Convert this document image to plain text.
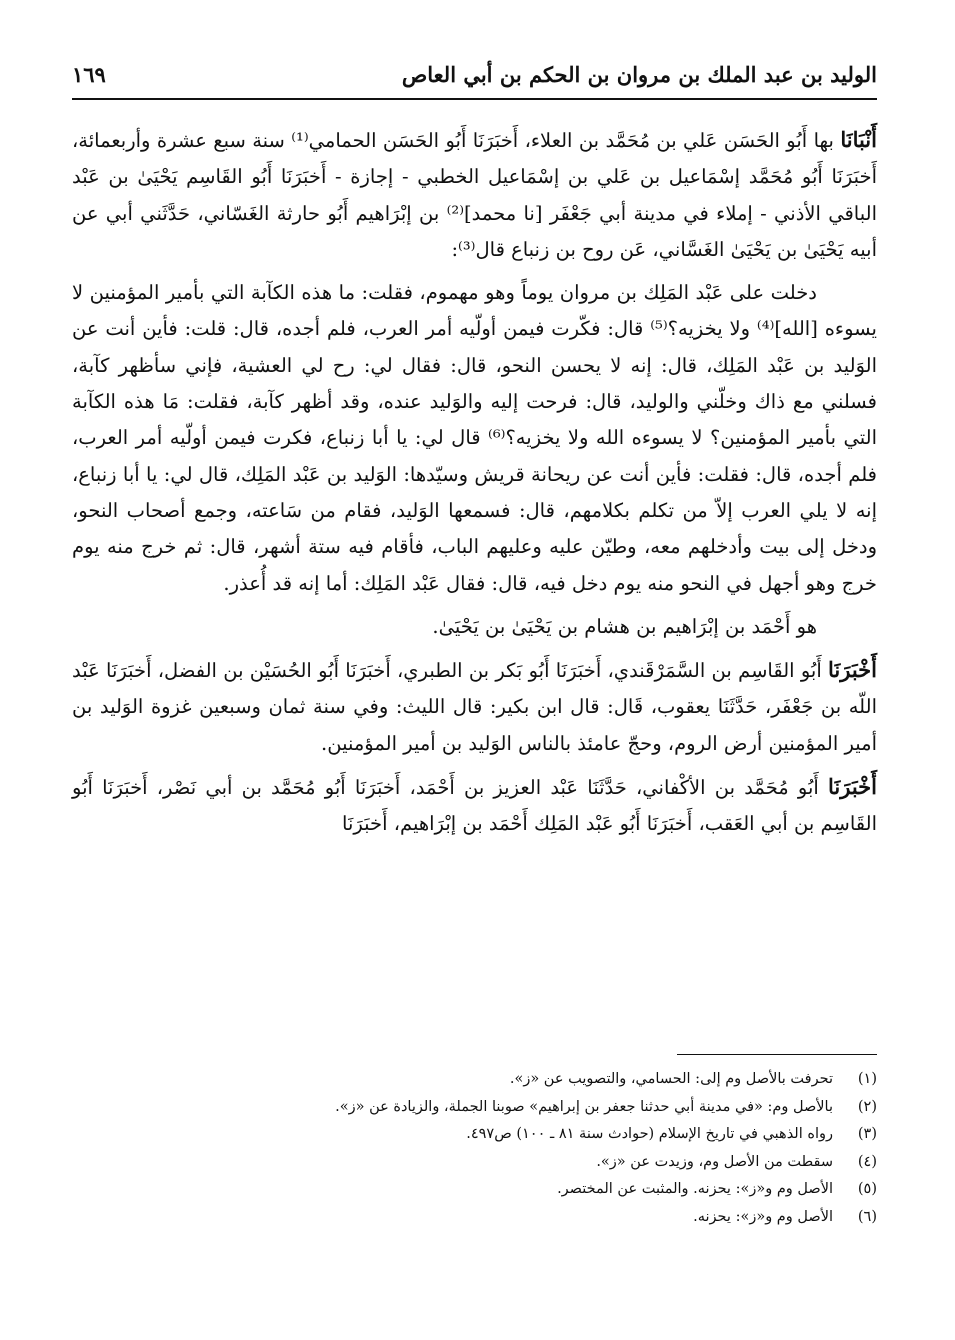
الوليد بن عبد الملك بن مروان بن الحكم بن أبي العاص
١٦٩

أَنْبَانَا بها أَبُو الحَسَن عَلي بن مُحَمَّد بن العلاء، أَخبَرَنَا أَبُو الحَسَن الحمامي⁽¹⁾ سنة سبع عشرة وأربعمائة، أَخبَرَنَا أَبُو مُحَمَّد إسْمَاعيل بن عَلي بن إسْمَاعيل الخطبي - إجازة - أَخبَرَنَا أَبُو القَاسِم يَحْيَىٰ بن عَبْد الباقي الأذني - إملاء في مدينة أبي جَعْفَر [نا محمد]⁽²⁾ بن إبْرَاهيم أَبُو حارثة الغَسّاني، حَدَّثَني أبي عن أبيه يَحْيَىٰ بن يَحْيَىٰ الغَسَّاني، عَن روح بن زنباع قال⁽³⁾:

دخلت على عَبْد المَلِك بن مروان يوماً وهو مهموم، فقلت: ما هذه الكآبة التي بأمير المؤمنين لا يسوءه [الله]⁽⁴⁾ ولا يخزيه؟⁽⁵⁾ قال: فكّرت فيمن أولّيه أمر العرب، فلم أجده، قال: قلت: فأين أنت عن الوَليد بن عَبْد المَلِك، قال: إنه لا يحسن النحو، قال: فقال لي: رح لي العشية، فإني سأظهر كآبة، فسلني مع ذاك وخلّني والوليد، قال: فرحت إليه والوَليد عنده، وقد أظهر كآبة، فقلت: مَا هذه الكآبة التي بأمير المؤمنين؟ لا يسوءه الله ولا يخزيه؟⁽⁶⁾ قال لي: يا أبا زنباع، فكرت فيمن أولّيه أمر العرب، فلم أجده، قال: فقلت: فأين أنت عن ريحانة قريش وسيّدها: الوَليد بن عَبْد المَلِك، قال لي: يا أبا زنباع، إنه لا يلي العرب إلاّ من تكلم بكلامهم، قال: فسمعها الوَليد، فقام من سَاعته، وجمع أصحاب النحو، ودخل إلى بيت وأدخلهم معه، وطيّن عليه وعليهم الباب، فأقام فيه ستة أشهر، قال: ثم خرج منه يوم خرج وهو أجهل في النحو منه يوم دخل فيه، قال: فقال عَبْد المَلِك: أما إنه قد أُعذر.

هو أَحْمَد بن إبْرَاهيم بن هشام بن يَحْيَىٰ بن يَحْيَىٰ.

أَخْبَرَنَا أَبُو القَاسِم بن السَّمَرْقَندي، أَخبَرَنَا أَبُو بَكر بن الطبري، أَخبَرَنَا أَبُو الحُسَيْن بن الفضل، أَخبَرَنَا عَبْد اللّه بن جَعْفَر، حَدَّثَنَا يعقوب، قَال: قال ابن بكير: قال الليث: وفي سنة ثمان وسبعين غزوة الوَليد بن أمير المؤمنين أرض الروم، وحجّ عامئذ بالناس الوَليد بن أمير المؤمنين.

أَخْبَرَنَا أَبُو مُحَمَّد بن الأكْفاني، حَدَّثَنَا عَبْد العزيز بن أَحْمَد، أَخبَرَنَا أَبُو مُحَمَّد بن أبي نَصْر، أَخبَرَنَا أَبُو القَاسِم بن أبي العَقب، أَخبَرَنَا أَبُو عَبْد المَلِك أَحْمَد بن إبْرَاهيم، أَخبَرَنَا

(١)
تحرفت بالأصل وم إلى: الحسامي، والتصويب عن «ز».
(٢)
بالأصل وم: «في مدينة أبي حدثنا جعفر بن إبراهيم» صوبنا الجملة، والزيادة عن «ز».
(٣)
رواه الذهبي في تاريخ الإسلام (حوادث سنة ٨١ ـ ١٠٠) ص٤٩٧.
(٤)
سقطت من الأصل وم، وزيدت عن «ز».
(٥)
الأصل وم و«ز»: يحزنه. والمثبت عن المختصر.
(٦)
الأصل وم و«ز»: يحزنه.
